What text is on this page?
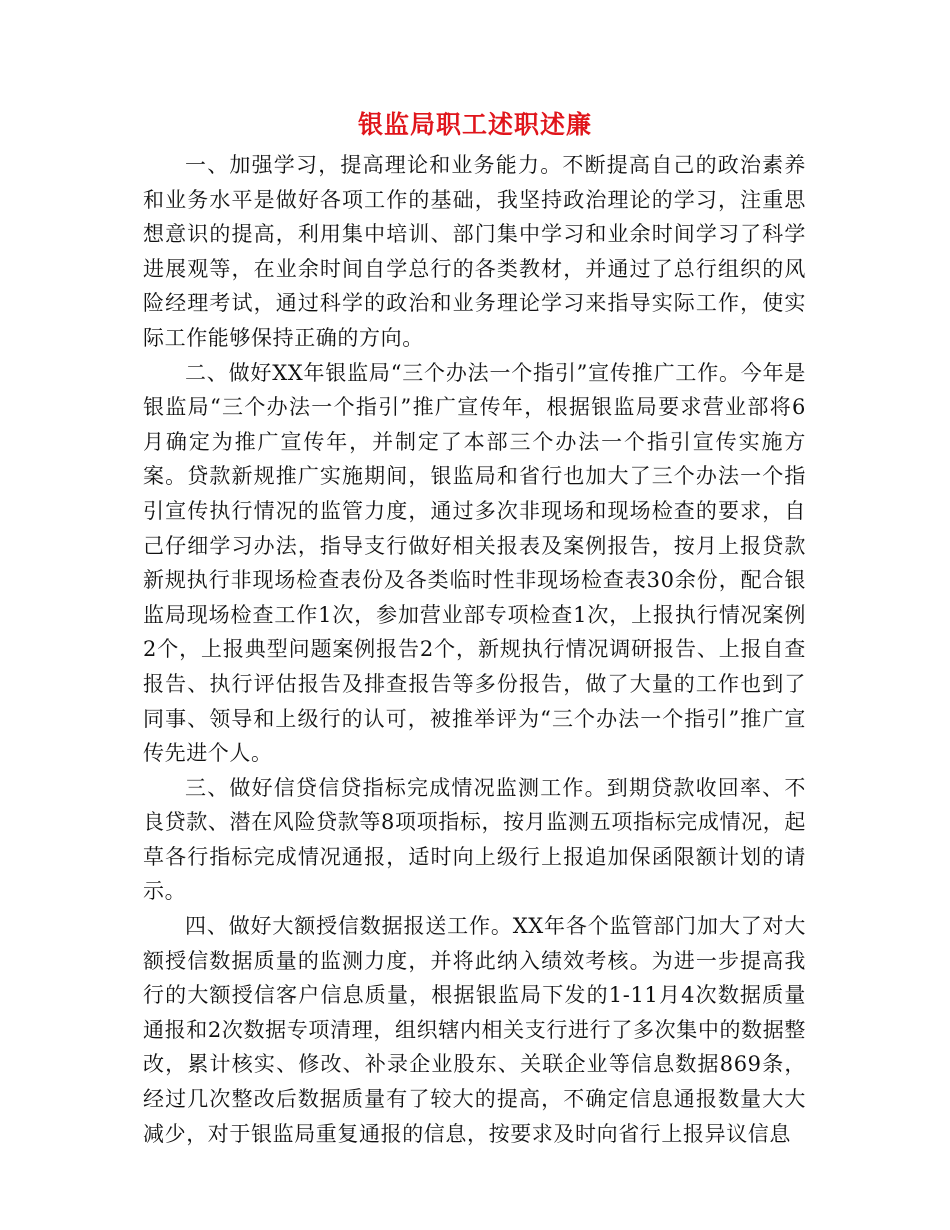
银监局职工述职述廉

一、加强学习，提高理论和业务能力。不断提高自己的政治素养和业务水平是做好各项工作的基础，我坚持政治理论的学习，注重思想意识的提高，利用集中培训、部门集中学习和业余时间学习了科学进展观等，在业余时间自学总行的各类教材，并通过了总行组织的风险经理考试，通过科学的政治和业务理论学习来指导实际工作，使实际工作能够保持正确的方向。

二、做好XX年银监局“三个办法一个指引”宣传推广工作。今年是银监局“三个办法一个指引”推广宣传年，根据银监局要求营业部将6月确定为推广宣传年，并制定了本部三个办法一个指引宣传实施方案。贷款新规推广实施期间，银监局和省行也加大了三个办法一个指引宣传执行情况的监管力度，通过多次非现场和现场检查的要求，自己仔细学习办法，指导支行做好相关报表及案例报告，按月上报贷款新规执行非现场检查表份及各类临时性非现场检查表30余份，配合银监局现场检查工作1次，参加营业部专项检查1次，上报执行情况案例2个，上报典型问题案例报告2个，新规执行情况调研报告、上报自查报告、执行评估报告及排查报告等多份报告，做了大量的工作也到了同事、领导和上级行的认可，被推举评为“三个办法一个指引”推广宣传先进个人。

三、做好信贷信贷指标完成情况监测工作。到期贷款收回率、不良贷款、潜在风险贷款等8项项指标，按月监测五项指标完成情况，起草各行指标完成情况通报，适时向上级行上报追加保函限额计划的请示。

四、做好大额授信数据报送工作。XX年各个监管部门加大了对大额授信数据质量的监测力度，并将此纳入绩效考核。为进一步提高我行的大额授信客户信息质量，根据银监局下发的1-11月4次数据质量通报和2次数据专项清理，组织辖内相关支行进行了多次集中的数据整改，累计核实、修改、补录企业股东、关联企业等信息数据869条，经过几次整改后数据质量有了较大的提高，不确定信息通报数量大大减少，对于银监局重复通报的信息，按要求及时向省行上报异议信息
